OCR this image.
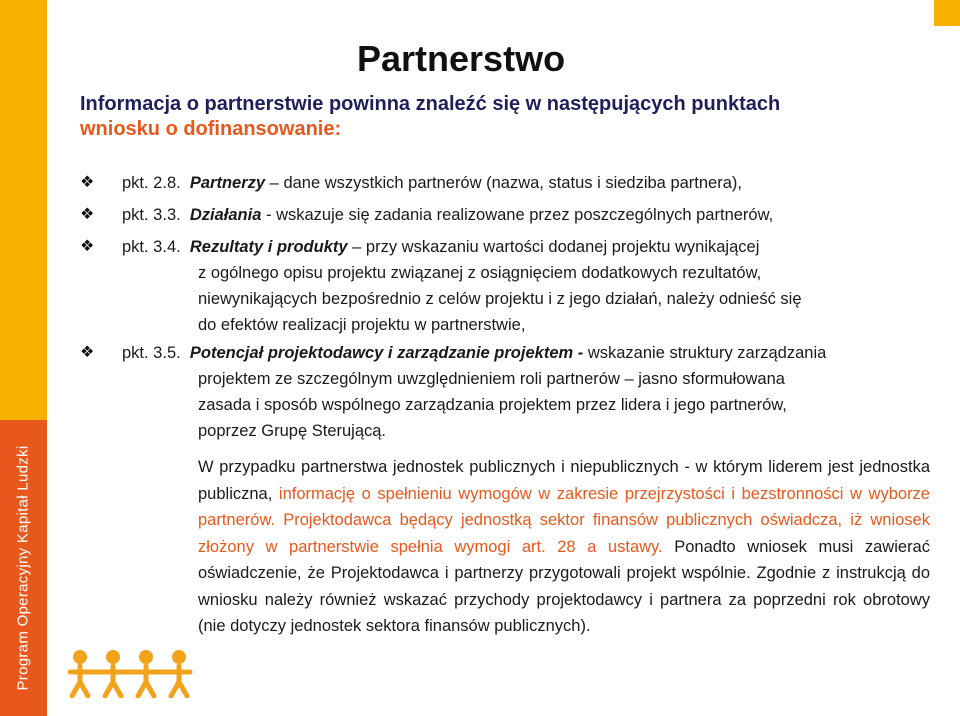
Program Operacyjny Kapitał Ludzki
Partnerstwo
Informacja o partnerstwie powinna znaleźć się w następujących punktach
wniosku o dofinansowanie:
❖ pkt. 2.8. Partnerzy – dane wszystkich partnerów (nazwa, status i siedziba partnera),

❖ pkt. 3.3. Działania - wskazuje się zadania realizowane przez poszczególnych partnerów,

❖ pkt. 3.4. Rezultaty i produkty – przy wskazaniu wartości dodanej projektu wynikającej

z ogólnego opisu projektu związanej z osiągnięciem dodatkowych rezultatów,

niewynikających bezpośrednio z celów projektu i z jego działań, należy odnieść się

do efektów realizacji projektu w partnerstwie,

❖ pkt. 3.5. Potencjał projektodawcy i zarządzanie projektem - wskazanie struktury zarządzania

projektem ze szczególnym uwzględnieniem roli partnerów – jasno sformułowana

zasada i sposób wspólnego zarządzania projektem przez lidera i jego partnerów,

poprzez Grupę Sterującą.

W przypadku partnerstwa jednostek publicznych i niepublicznych - w którym liderem jest jednostka publiczna, informację o spełnieniu wymogów w zakresie przejrzystości i bezstronności w wyborze partnerów. Projektodawca będący jednostką sektor finansów publicznych oświadcza, iż wniosek złożony w partnerstwie spełnia wymogi art. 28 a ustawy. Ponadto wniosek musi zawierać oświadczenie, że Projektodawca i partnerzy przygotowali projekt wspólnie. Zgodnie z instrukcją do wniosku należy również wskazać przychody projektodawcy i partnera za poprzedni rok obrotowy (nie dotyczy jednostek sektora finansów publicznych).
